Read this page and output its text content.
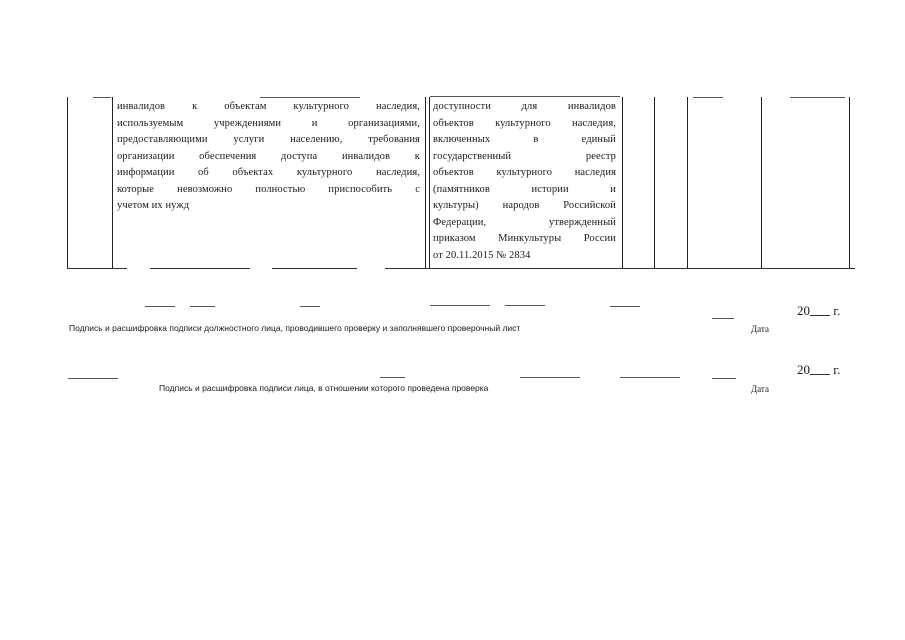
инвалидов к объектам культурного наследия,
используемым учреждениями и организациями,
предоставляющими услуги населению, требования
организации обеспечения доступа инвалидов к
информации об объектах культурного наследия,
которые невозможно полностью приспособить с
учетом их нужд
доступности для инвалидов
объектов культурного наследия,
включенных в единый
государственный реестр
объектов культурного наследия
(памятников истории и
культуры) народов Российской
Федерации, утвержденный
приказом Минкультуры России
от 20.11.2015 № 2834
Подпись и расшифровка подписи должностного лица, проводившего проверку и заполнявшего проверочный лист	Дата
20 г.
Подпись и расшифровка подписи лица, в отношении которого проведена проверка	Дата
20 г.
